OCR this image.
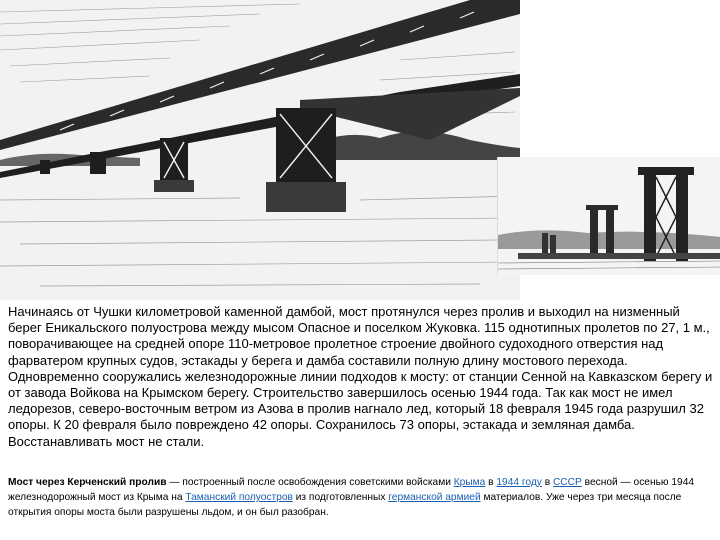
Начинаясь от Чушки километровой каменной дамбой, мост протянулся через пролив и выходил на низменный берег Еникальского полуострова между мысом Опасное и поселком Жуковка. 115 однотипных пролетов по 27, 1 м., поворачивающее на средней опоре 110-метровое пролетное строение двойного судоходного отверстия над фарватером крупных судов, эстакады у берега и дамба составили полную длину мостового перехода. Одновременно сооружались железнодорожные линии подходов к мосту: от станции Сенной на Кавказском берегу и от завода Войкова на Крымском берегу. Строительство завершилось осенью 1944 года. Так как мост не имел ледорезов, северо-восточным ветром из Азова в пролив нагнало лед, который 18 февраля 1945 года разрушил 32 опоры. К 20 февраля было повреждено 42 опоры. Сохранилось 73 опоры, эстакада и земляная дамба. Восстанавливать мост не стали.

Мост через Керченский пролив — построенный после освобождения советскими войсками Крыма в 1944 году в СССР весной — осенью 1944 железнодорожный мост из Крыма на Таманский полуостров из подготовленных германской армией материалов. Уже через три месяца после открытия опоры моста были разрушены льдом, и он был разобран.
